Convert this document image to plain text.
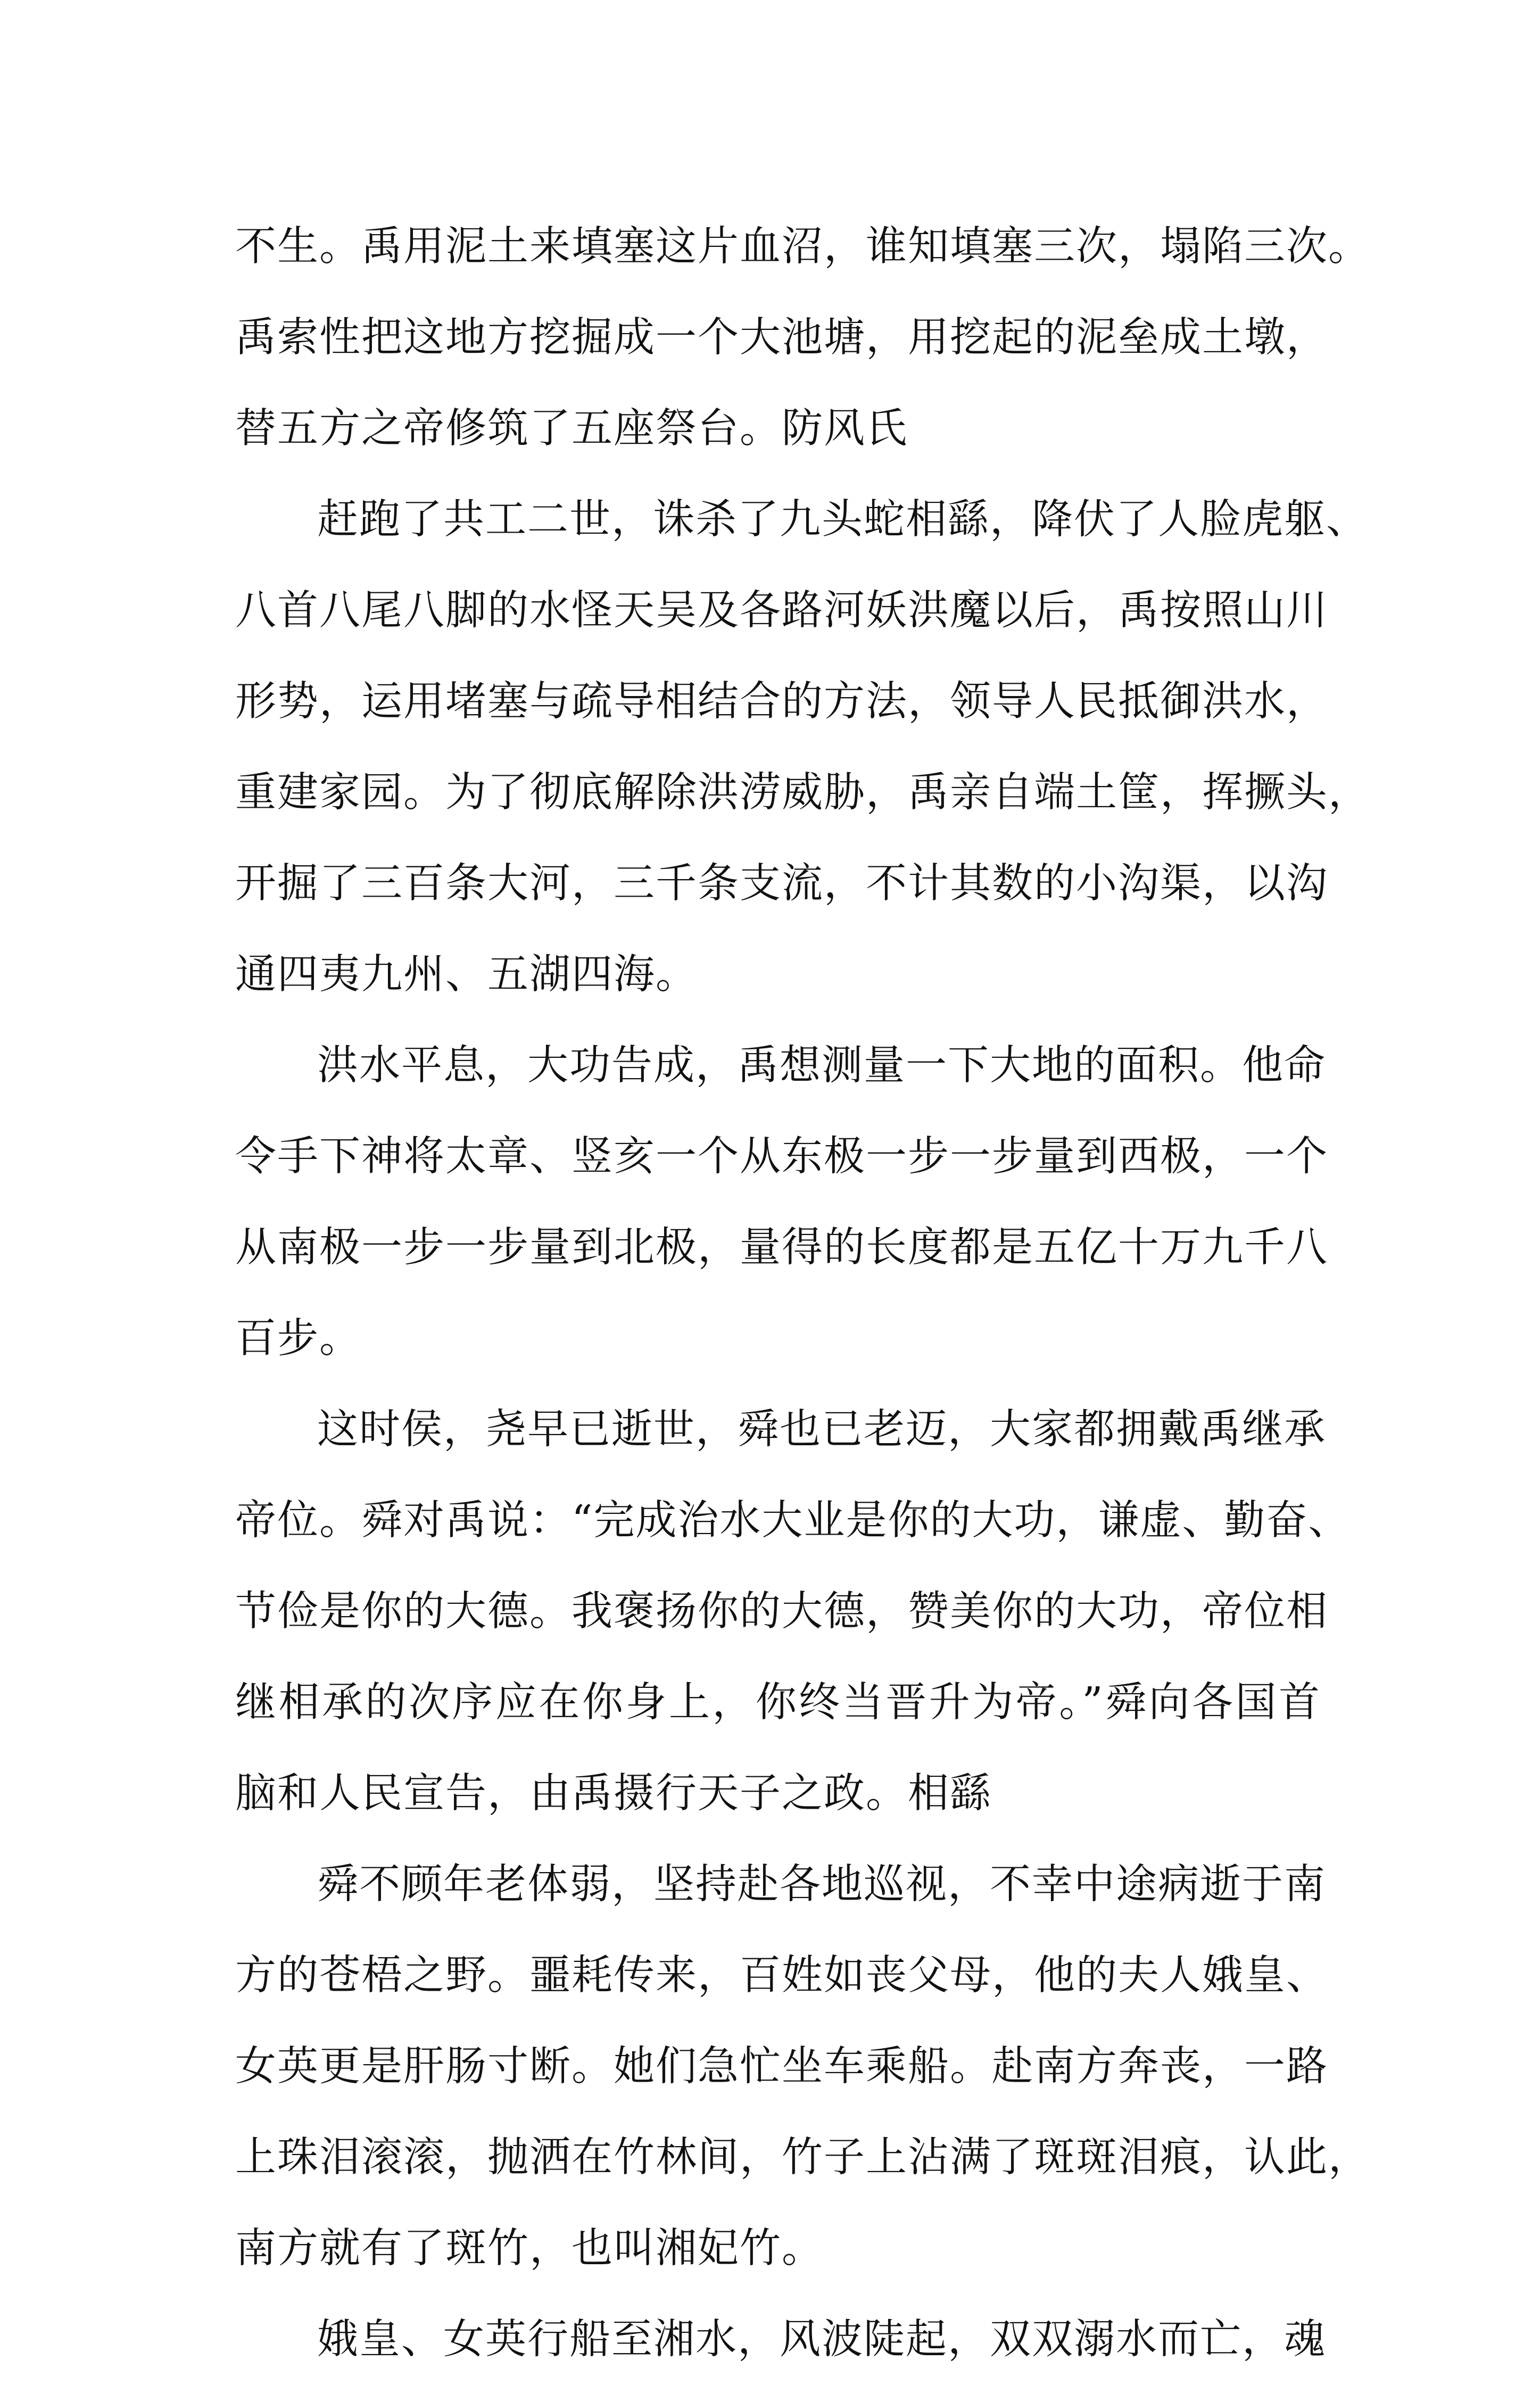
不生。禹用泥土来填塞这片血沼，谁知填塞三次，塌陷三次。
禹索性把这地方挖掘成一个大池塘，用挖起的泥垒成土墩，
替五方之帝修筑了五座祭台。防风氏
赶跑了共工二世，诛杀了九头蛇相繇，降伏了人脸虎躯、
八首八尾八脚的水怪天吴及各路河妖洪魔以后，禹按照山川
形势，运用堵塞与疏导相结合的方法，领导人民抵御洪水，
重建家园。为了彻底解除洪涝威胁，禹亲自端土筐，挥撅头，
开掘了三百条大河，三千条支流，不计其数的小沟渠，以沟
通四夷九州、五湖四海。
洪水平息，大功告成，禹想测量一下大地的面积。他命
令手下神将太章、竖亥一个从东极一步一步量到西极，一个
从南极一步一步量到北极，量得的长度都是五亿十万九千八
百步。
这时侯，尧早已逝世，舜也已老迈，大家都拥戴禹继承
帝位。舜对禹说：“完成治水大业是你的大功，谦虚、勤奋、
节俭是你的大德。我褒扬你的大德，赞美你的大功，帝位相
继相承的次序应在你身上，你终当晋升为帝。”舜向各国首
脑和人民宣告，由禹摄行天子之政。相繇
舜不顾年老体弱，坚持赴各地巡视，不幸中途病逝于南
方的苍梧之野。噩耗传来，百姓如丧父母，他的夫人娥皇、
女英更是肝肠寸断。她们急忙坐车乘船。赴南方奔丧，一路
上珠泪滚滚，抛洒在竹林间，竹子上沾满了斑斑泪痕，认此，
南方就有了斑竹，也叫湘妃竹。
娥皇、女英行船至湘水，风波陡起，双双溺水而亡，魂
